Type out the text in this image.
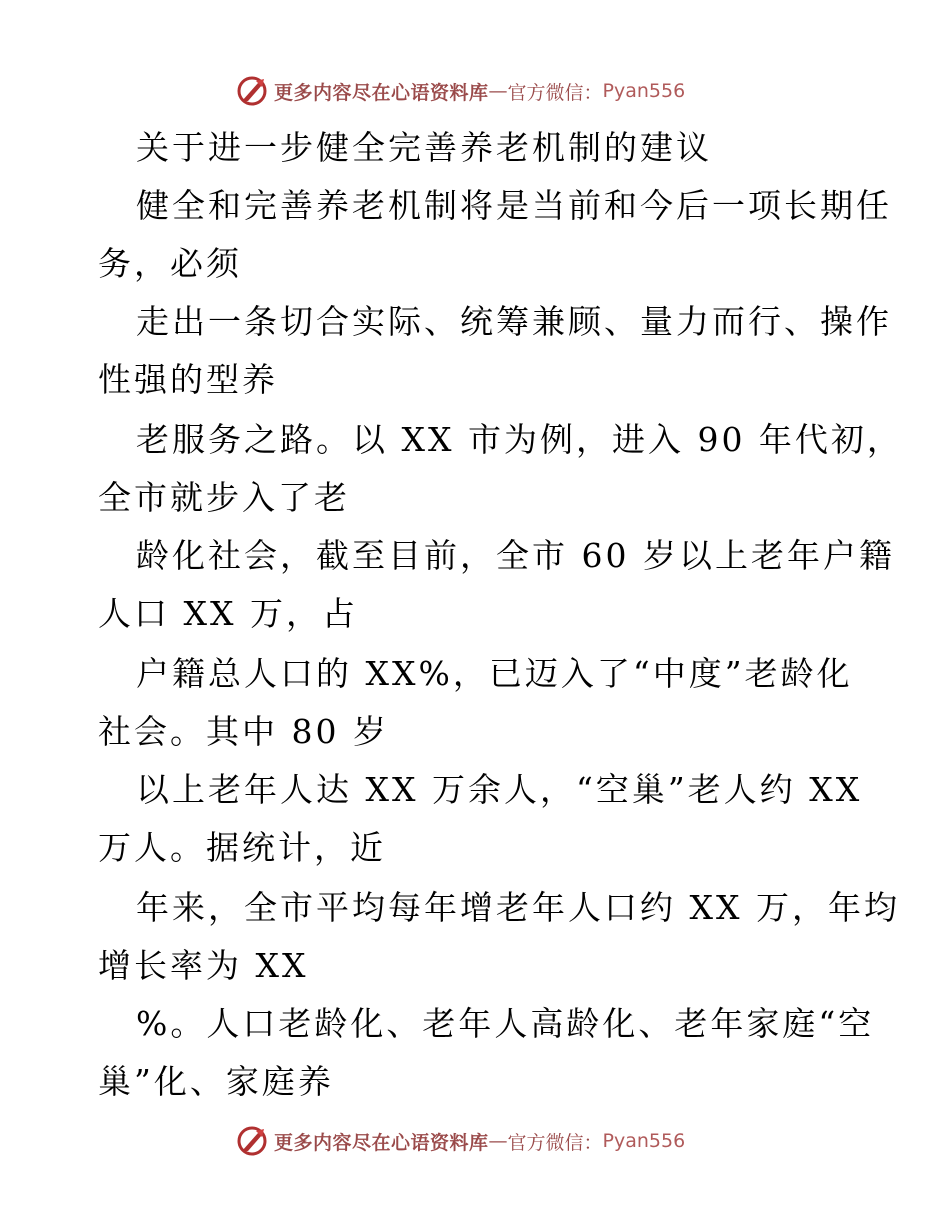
更多内容尽在心语资料库 — 官方微信： Pyan556
关于进一步健全完善养老机制的建议
健全和完善养老机制将是当前和今后一项长期任
务，必须
走出一条切合实际、统筹兼顾、量力而行、操作
性强的型养
老服务之路。以 XX 市为例，进入 90 年代初，
全市就步入了老
龄化社会，截至目前，全市 60 岁以上老年户籍
人口 XX 万，占
户籍总人口的 XX%，已迈入了“中度”老龄化
社会。其中 80 岁
以上老年人达 XX 万余人，“空巢”老人约 XX
万人。据统计，近
年来，全市平均每年增老年人口约 XX 万，年均
增长率为 XX
%。人口老龄化、老年人高龄化、老年家庭“空
巢”化、家庭养
更多内容尽在心语资料库 — 官方微信： Pyan556
